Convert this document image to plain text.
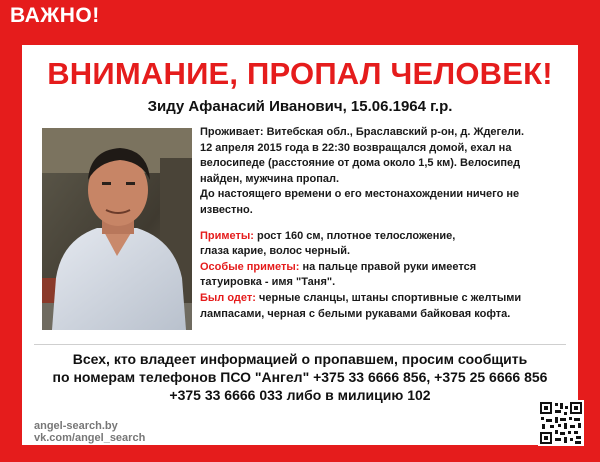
ВАЖНО!
ВНИМАНИЕ, ПРОПАЛ ЧЕЛОВЕК!
Зиду Афанасий Иванович, 15.06.1964 г.р.

Проживает: Витебская обл., Браславский р-он, д. Ждегели.

12 апреля 2015 года в 22:30 возвращался домой, ехал на

велосипеде (расстояние от дома около 1,5 км). Велосипед

найден, мужчина пропал.

До настоящего времени о его местонахождении ничего не

известно.

Приметы: рост 160 см, плотное телосложение,

глаза карие, волос черный.

Особые приметы: на пальце правой руки имеется

татуировка - имя "Таня".

Был одет: черные сланцы, штаны спортивные с желтыми

лампасами, черная с белыми рукавами байковая кофта.

Всех, кто владеет информацией о пропавшем, просим сообщить
по номерам телефонов ПСО "Ангел" +375 33 6666 856, +375 25 6666 856
+375 33 6666 033 либо в милицию 102
angel-search.by
vk.com/angel_search
